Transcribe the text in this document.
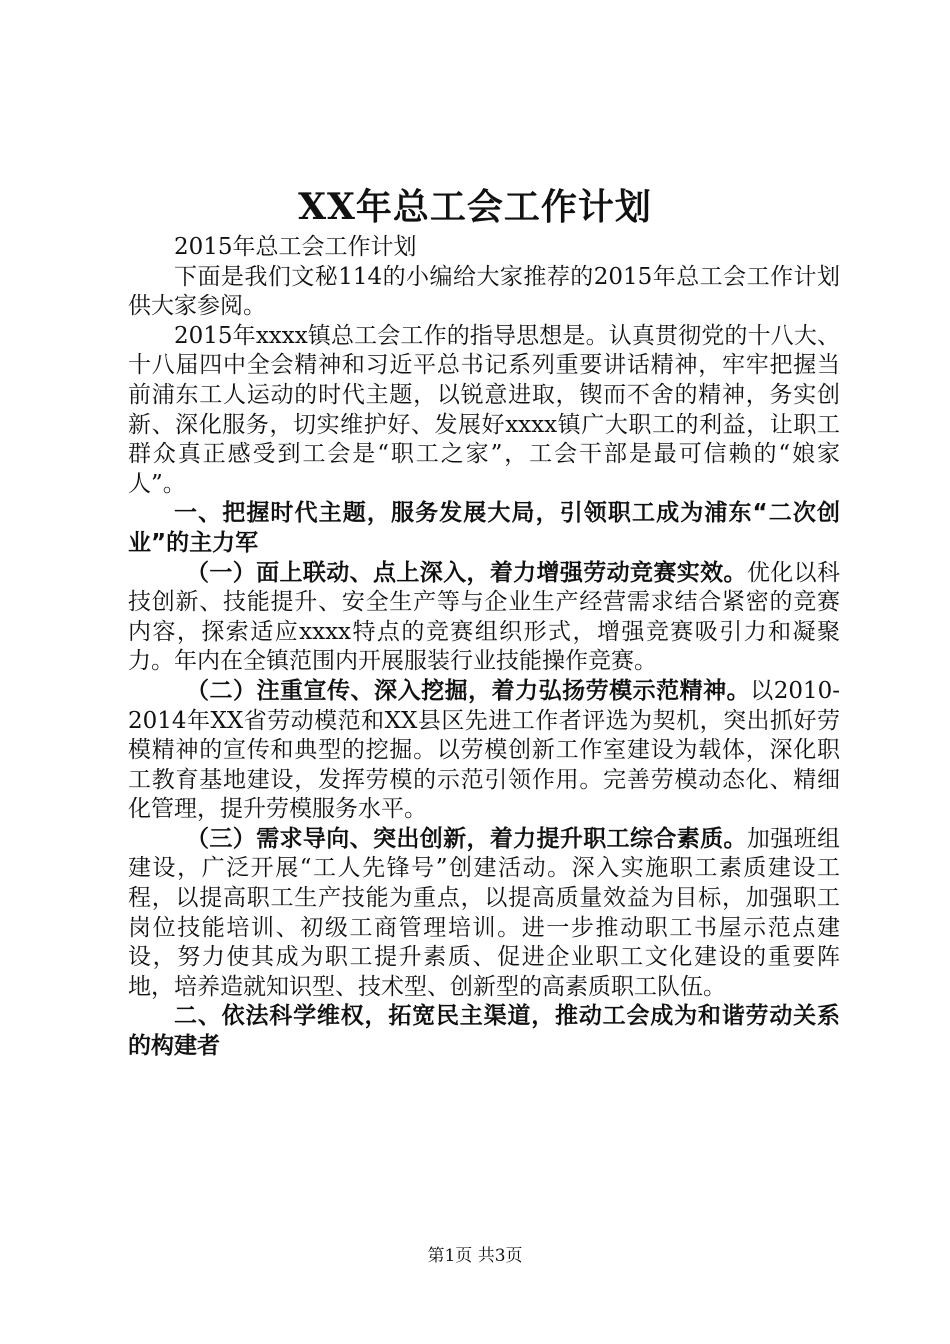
XX年总工会工作计划

2015年总工会工作计划

下面是我们文秘114的小编给大家推荐的2015年总工会工作计划供大家参阅。

2015年xxxx镇总工会工作的指导思想是。认真贯彻党的十八大、十八届四中全会精神和习近平总书记系列重要讲话精神，牢牢把握当前浦东工人运动的时代主题，以锐意进取，锲而不舍的精神，务实创新、深化服务，切实维护好、发展好xxxx镇广大职工的利益，让职工群众真正感受到工会是“职工之家”，工会干部是最可信赖的“娘家人”。

一、把握时代主题，服务发展大局，引领职工成为浦东“二次创业”的主力军

（一）面上联动、点上深入，着力增强劳动竞赛实效。优化以科技创新、技能提升、安全生产等与企业生产经营需求结合紧密的竞赛内容，探索适应xxxx特点的竞赛组织形式，增强竞赛吸引力和凝聚力。年内在全镇范围内开展服装行业技能操作竞赛。

（二）注重宣传、深入挖掘，着力弘扬劳模示范精神。以2010-2014年XX省劳动模范和XX县区先进工作者评选为契机，突出抓好劳模精神的宣传和典型的挖掘。以劳模创新工作室建设为载体，深化职工教育基地建设，发挥劳模的示范引领作用。完善劳模动态化、精细化管理，提升劳模服务水平。

（三）需求导向、突出创新，着力提升职工综合素质。加强班组建设，广泛开展“工人先锋号”创建活动。深入实施职工素质建设工程，以提高职工生产技能为重点，以提高质量效益为目标，加强职工岗位技能培训、初级工商管理培训。进一步推动职工书屋示范点建设，努力使其成为职工提升素质、促进企业职工文化建设的重要阵地，培养造就知识型、技术型、创新型的高素质职工队伍。

二、依法科学维权，拓宽民主渠道，推动工会成为和谐劳动关系的构建者

第1页 共3页
